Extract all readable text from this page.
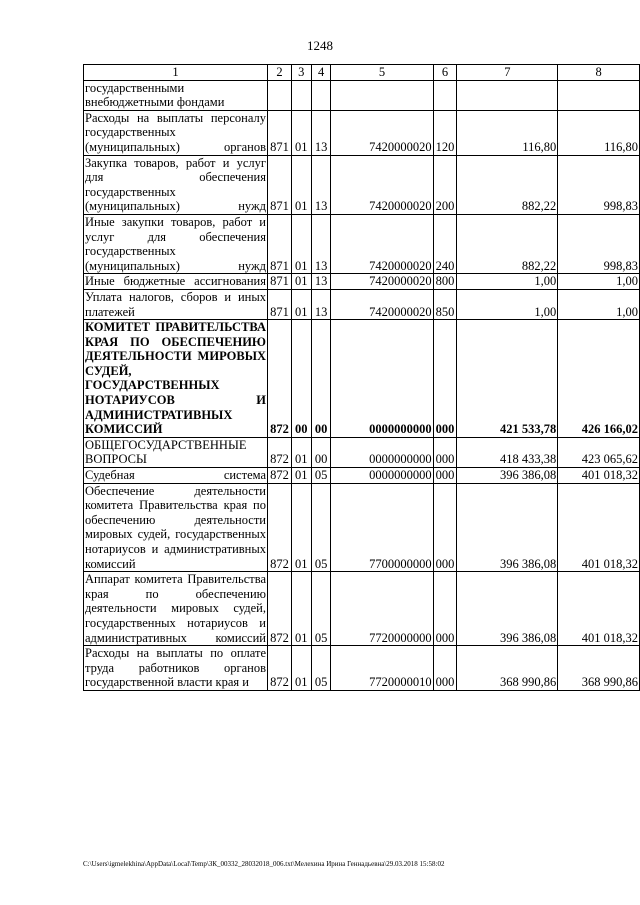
1248
1	2	3	4	5	6	7	8
государственными внебюджетными фондами							
Расходы на выплаты персоналу государственных (муниципальных) органов	871	01	13	7420000020	120	116,80	116,80
Закупка товаров, работ и услуг для обеспечения государственных (муниципальных) нужд	871	01	13	7420000020	200	882,22	998,83
Иные закупки товаров, работ и услуг для обеспечения государственных (муниципальных) нужд	871	01	13	7420000020	240	882,22	998,83
Иные бюджетные ассигнования	871	01	13	7420000020	800	1,00	1,00
Уплата налогов, сборов и иных платежей	871	01	13	7420000020	850	1,00	1,00
КОМИТЕТ ПРАВИТЕЛЬСТВА КРАЯ ПО ОБЕСПЕЧЕНИЮ ДЕЯТЕЛЬНОСТИ МИРОВЫХ СУДЕЙ, ГОСУДАРСТВЕННЫХ НОТАРИУСОВ И АДМИНИСТРАТИВНЫХ КОМИССИЙ	872	00	00	0000000000	000	421 533,78	426 166,02
ОБЩЕГОСУДАРСТВЕННЫЕ ВОПРОСЫ	872	01	00	0000000000	000	418 433,38	423 065,62
Судебная система	872	01	05	0000000000	000	396 386,08	401 018,32
Обеспечение деятельности комитета Правительства края по обеспечению деятельности мировых судей, государственных нотариусов и административных комиссий	872	01	05	7700000000	000	396 386,08	401 018,32
Аппарат комитета Правительства края по обеспечению деятельности мировых судей, государственных нотариусов и административных комиссий	872	01	05	7720000000	000	396 386,08	401 018,32
Расходы на выплаты по оплате труда работников органов государственной власти края и	872	01	05	7720000010	000	368 990,86	368 990,86
C:\Users\igmelekhina\AppData\Local\Temp\ЗК_00332_28032018_006.txt\Мелехина Ирина Геннадьевна\29.03.2018 15:58:02
